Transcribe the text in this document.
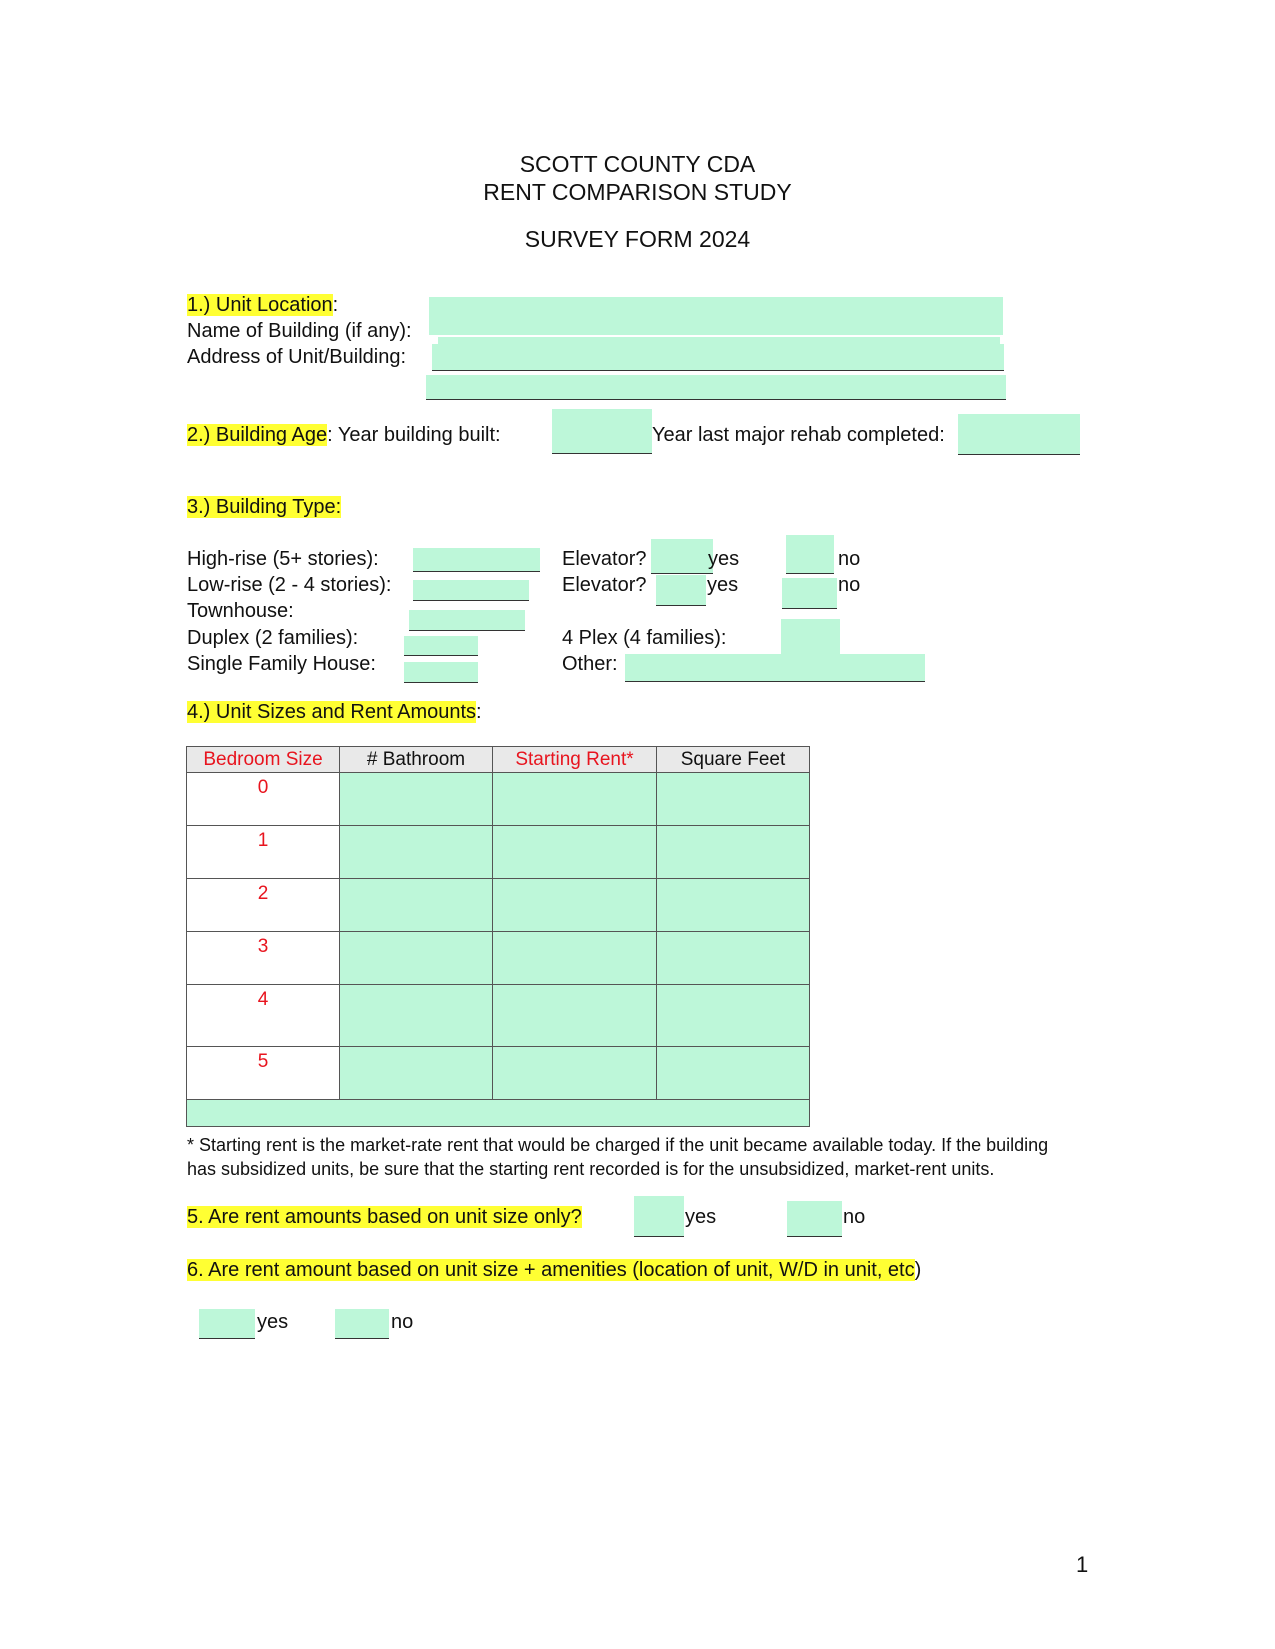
SCOTT COUNTY CDA
RENT COMPARISON STUDY
SURVEY FORM 2024
1.) Unit Location:
Name of Building (if any):
Address of Unit/Building:
2.) Building Age: Year building built:	Year last major rehab completed:
3.) Building Type:
High-rise (5+ stories):
Low-rise (2 - 4 stories):
Townhouse:
Duplex (2 families):
Single Family House:
Elevator?	yes	no
Elevator?	yes	no
4 Plex (4 families):
Other:
4.) Unit Sizes and Rent Amounts:
Bedroom Size	# Bathroom	Starting Rent*	Square Feet
0			
1			
2			
3			
4			
5			

* Starting rent is the market-rate rent that would be charged if the unit became available today. If the building has subsidized units, be sure that the starting rent recorded is for the unsubsidized, market-rent units.
5. Are rent amounts based on unit size only?	yes	no
6. Are rent amount based on unit size + amenities (location of unit, W/D in unit, etc)
yes	no
1
